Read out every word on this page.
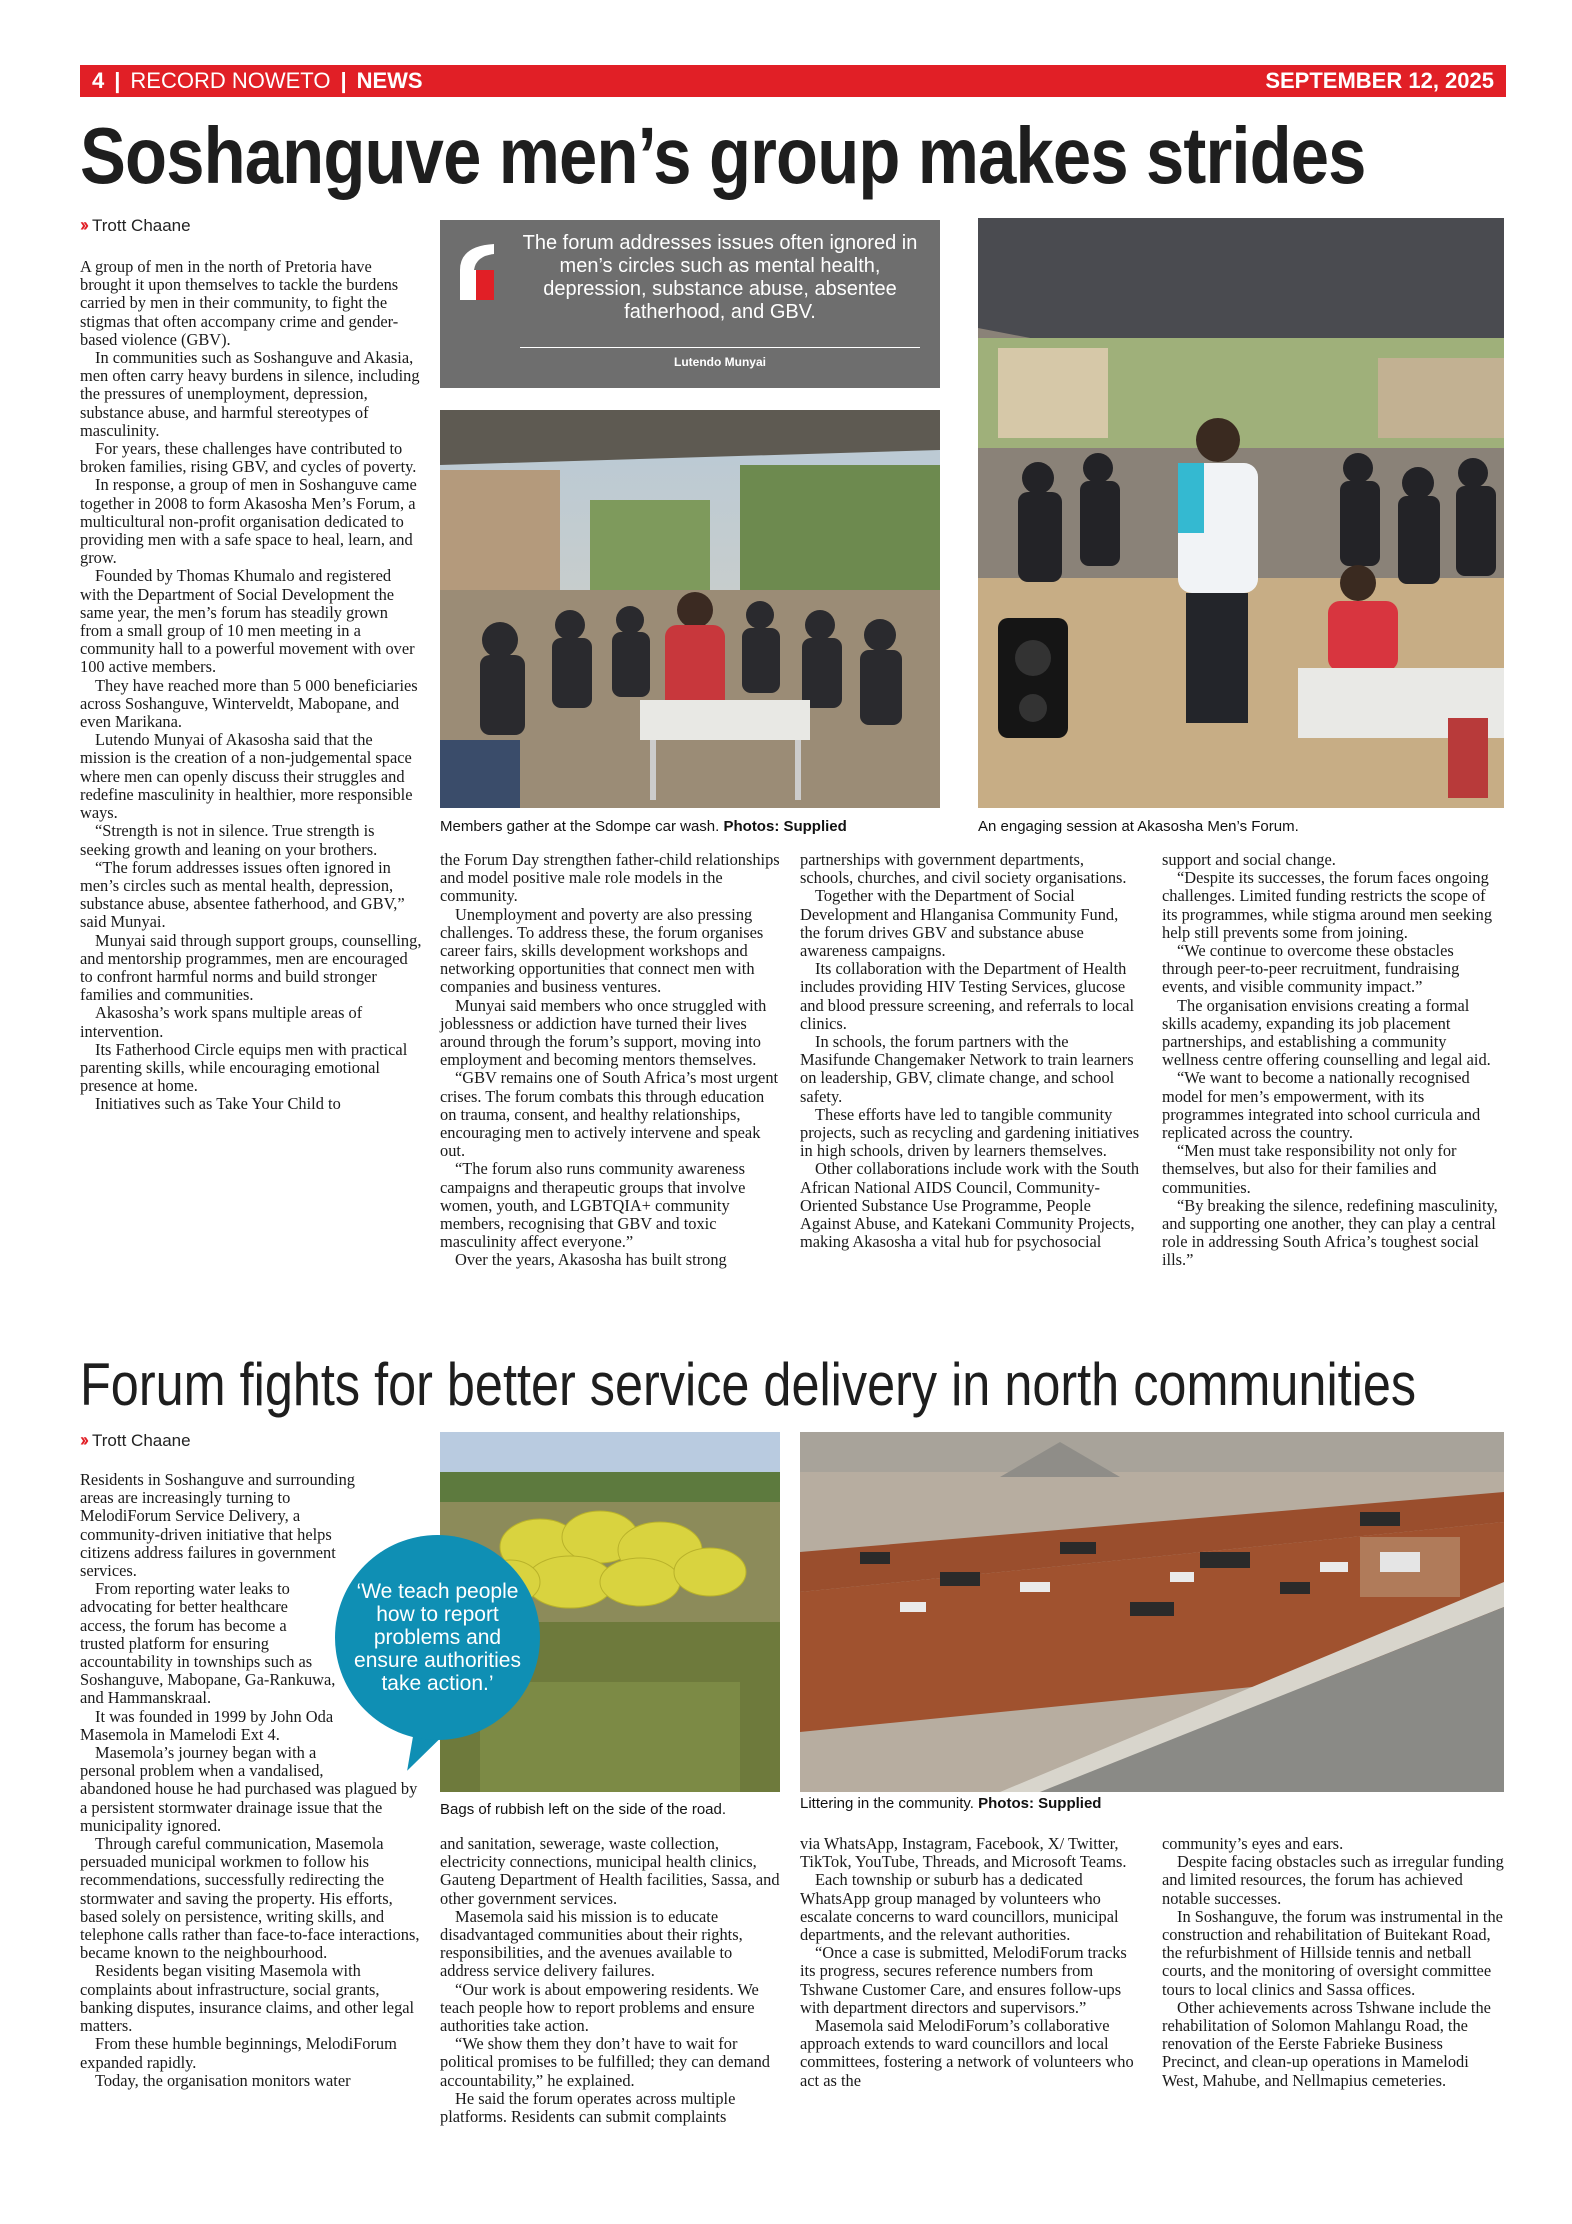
4 | RECORD NOWETO | NEWS	SEPTEMBER 12, 2025
Soshanguve men’s group makes strides
›› Trott Chaane

A group of men in the north of Pretoria have brought it upon themselves to tackle the burdens carried by men in their community, to fight the stigmas that often accompany crime and gender-based violence (GBV).

In communities such as Soshanguve and Akasia, men often carry heavy burdens in silence, including the pressures of unemployment, depression, substance abuse, and harmful stereotypes of masculinity.

For years, these challenges have contributed to broken families, rising GBV, and cycles of poverty.

In response, a group of men in Soshanguve came together in 2008 to form Akasosha Men’s Forum, a multicultural non-profit organisation dedicated to providing men with a safe space to heal, learn, and grow.

Founded by Thomas Khumalo and registered with the Department of Social Development the same year, the men’s forum has steadily grown from a small group of 10 men meeting in a community hall to a powerful movement with over 100 active members.

They have reached more than 5 000 beneficiaries across Soshanguve, Winterveldt, Mabopane, and even Marikana.

Lutendo Munyai of Akasosha said that the mission is the creation of a non-judgemental space where men can openly discuss their struggles and redefine masculinity in healthier, more responsible ways.

“Strength is not in silence. True strength is seeking growth and leaning on your brothers.

“The forum addresses issues often ignored in men’s circles such as mental health, depression, substance abuse, absentee fatherhood, and GBV,” said Munyai.

Munyai said through support groups, counselling, and mentorship programmes, men are encouraged to confront harmful norms and build stronger families and communities.

Akasosha’s work spans multiple areas of intervention.

Its Fatherhood Circle equips men with practical parenting skills, while encouraging emotional presence at home.

Initiatives such as Take Your Child to

the Forum Day strengthen father-child relationships and model positive male role models in the community.

Unemployment and poverty are also pressing challenges. To address these, the forum organises career fairs, skills development workshops and networking opportunities that connect men with companies and business ventures.

Munyai said members who once struggled with joblessness or addiction have turned their lives around through the forum’s support, moving into employment and becoming mentors themselves.

“GBV remains one of South Africa’s most urgent crises. The forum combats this through education on trauma, consent, and healthy relationships, encouraging men to actively intervene and speak out.

“The forum also runs community awareness campaigns and therapeutic groups that involve women, youth, and LGBTQIA+ community members, recognising that GBV and toxic masculinity affect everyone.”

Over the years, Akasosha has built strong

partnerships with government departments, schools, churches, and civil society organisations.

Together with the Department of Social Development and Hlanganisa Community Fund, the forum drives GBV and substance abuse awareness campaigns.

Its collaboration with the Department of Health includes providing HIV Testing Services, glucose and blood pressure screening, and referrals to local clinics.

In schools, the forum partners with the Masifunde Changemaker Network to train learners on leadership, GBV, climate change, and school safety.

These efforts have led to tangible community projects, such as recycling and gardening initiatives in high schools, driven by learners themselves.

Other collaborations include work with the South African National AIDS Council, Community-Oriented Substance Use Programme, People Against Abuse, and Katekani Community Projects, making Akasosha a vital hub for psychosocial

support and social change.

“Despite its successes, the forum faces ongoing challenges. Limited funding restricts the scope of its programmes, while stigma around men seeking help still prevents some from joining.

“We continue to overcome these obstacles through peer-to-peer recruitment, fundraising events, and visible community impact.”

The organisation envisions creating a formal skills academy, expanding its job placement partnerships, and establishing a community wellness centre offering counselling and legal aid.

“We want to become a nationally recognised model for men’s empowerment, with its programmes integrated into school curricula and replicated across the country.

“Men must take responsibility not only for themselves, but also for their families and communities.

“By breaking the silence, redefining masculinity, and supporting one another, they can play a central role in addressing South Africa’s toughest social ills.”

The forum addresses issues often ignored in men’s circles such as mental health, depression, substance abuse, absentee fatherhood, and GBV.
Lutendo Munyai
Members gather at the Sdompe car wash. Photos: Supplied	An engaging session at Akasosha Men’s Forum.
Forum fights for better service delivery in north communities
›› Trott Chaane

Residents in Soshanguve and surrounding areas are increasingly turning to MelodiForum Service Delivery, a community-driven initiative that helps citizens address failures in government services.

From reporting water leaks to advocating for better healthcare access, the forum has become a trusted platform for ensuring accountability in townships such as Soshanguve, Mabopane, Ga-Rankuwa, and Hammanskraal.

It was founded in 1999 by John Oda Masemola in Mamelodi Ext 4.

Masemola’s journey began with a personal problem when a vandalised, abandoned house he had purchased was plagued by a persistent stormwater drainage issue that the municipality ignored.

Through careful communication, Masemola persuaded municipal workmen to follow his recommendations, successfully redirecting the stormwater and saving the property. His efforts, based solely on persistence, writing skills, and telephone calls rather than face-to-face interactions, became known to the neighbourhood.

Residents began visiting Masemola with complaints about infrastructure, social grants, banking disputes, insurance claims, and other legal matters.

From these humble beginnings, MelodiForum expanded rapidly.

Today, the organisation monitors water

‘We teach people how to report problems and ensure authorities take action.’
Bags of rubbish left on the side of the road.	Littering in the community. Photos: Supplied

and sanitation, sewerage, waste collection, electricity connections, municipal health clinics, Gauteng Department of Health facilities, Sassa, and other government services.

Masemola said his mission is to educate disadvantaged communities about their rights, responsibilities, and the avenues available to address service delivery failures.

“Our work is about empowering residents. We teach people how to report problems and ensure authorities take action.

“We show them they don’t have to wait for political promises to be fulfilled; they can demand accountability,” he explained.

He said the forum operates across multiple platforms. Residents can submit complaints

via WhatsApp, Instagram, Facebook, X/ Twitter, TikTok, YouTube, Threads, and Microsoft Teams.

Each township or suburb has a dedicated WhatsApp group managed by volunteers who escalate concerns to ward councillors, municipal departments, and the relevant authorities.

“Once a case is submitted, MelodiForum tracks its progress, secures reference numbers from Tshwane Customer Care, and ensures follow-ups with department directors and supervisors.”

Masemola said MelodiForum’s collaborative approach extends to ward councillors and local committees, fostering a network of volunteers who act as the

community’s eyes and ears.

Despite facing obstacles such as irregular funding and limited resources, the forum has achieved notable successes.

In Soshanguve, the forum was instrumental in the construction and rehabilitation of Buitekant Road, the refurbishment of Hillside tennis and netball courts, and the monitoring of oversight committee tours to local clinics and Sassa offices.

Other achievements across Tshwane include the rehabilitation of Solomon Mahlangu Road, the renovation of the Eerste Fabrieke Business Precinct, and clean-up operations in Mamelodi West, Mahube, and Nellmapius cemeteries.
